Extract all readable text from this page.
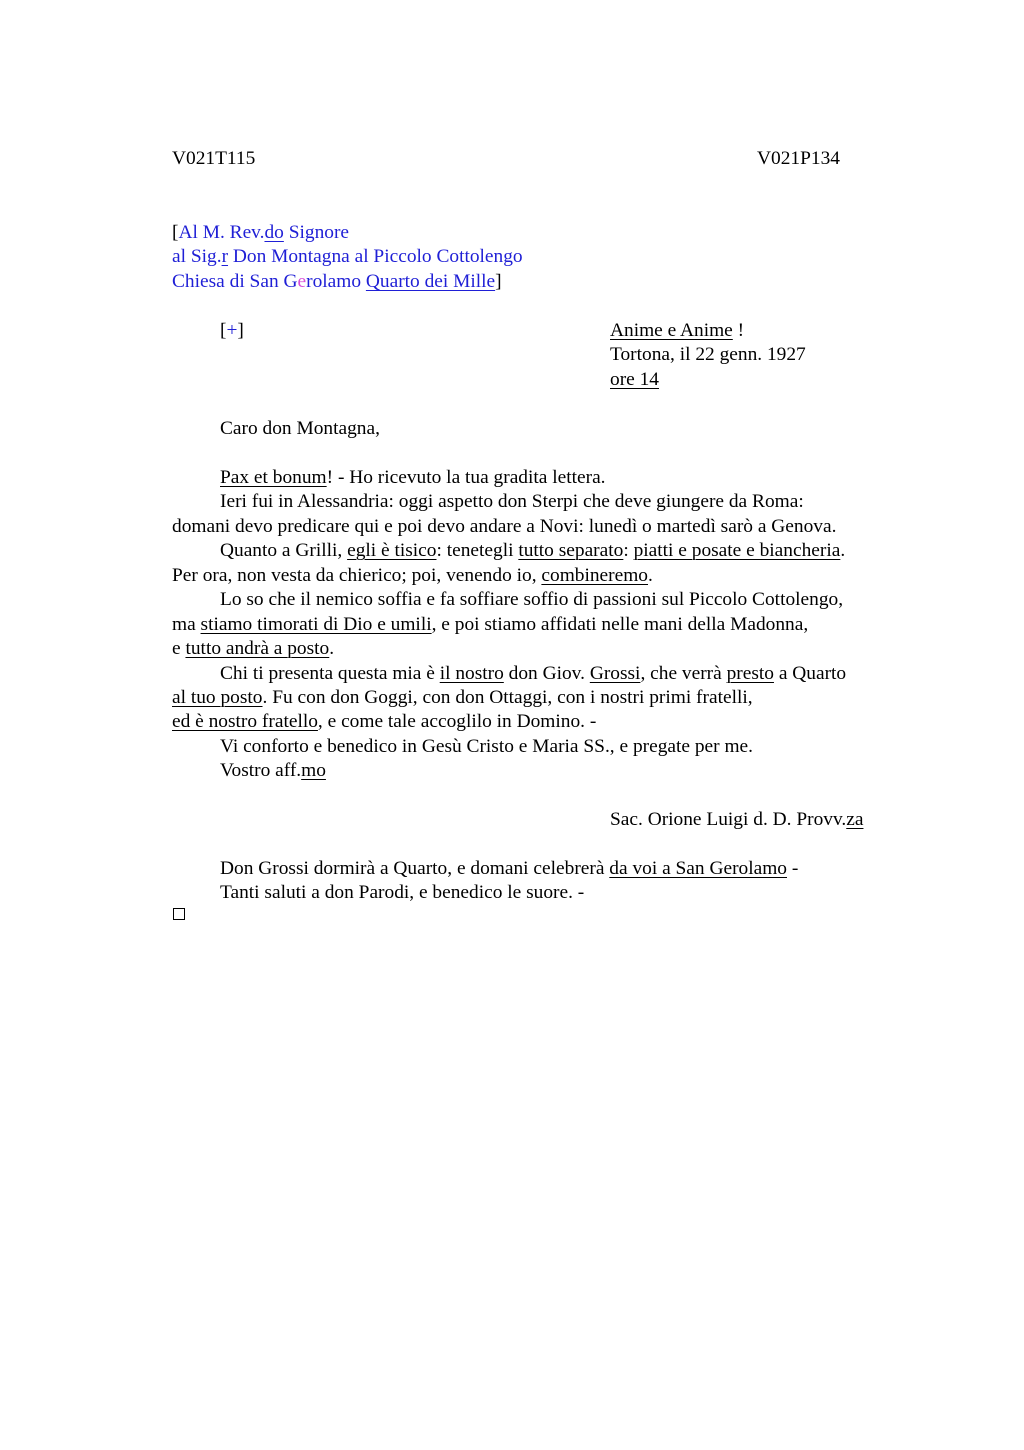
V021T115	V021P134
[Al M. Rev.do Signore
al Sig.r Don Montagna al Piccolo Cottolengo
Chiesa di San Gerolamo Quarto dei Mille]
[+]	Anime e Anime !
Tortona, il 22 genn. 1927
ore 14
Caro don Montagna,
Pax et bonum! - Ho ricevuto la tua gradita lettera.
Ieri fui in Alessandria: oggi aspetto don Sterpi che deve giungere da Roma:
domani devo predicare qui e poi devo andare a Novi: lunedì o martedì sarò a Genova.
Quanto a Grilli, egli è tisico: tenetegli tutto separato: piatti e posate e biancheria.
Per ora, non vesta da chierico; poi, venendo io, combineremo.
Lo so che il nemico soffia e fa soffiare soffio di passioni sul Piccolo Cottolengo,
ma stiamo timorati di Dio e umili, e poi stiamo affidati nelle mani della Madonna,
e tutto andrà a posto.
Chi ti presenta questa mia è il nostro don Giov. Grossi, che verrà presto a Quarto
al tuo posto. Fu con don Goggi, con don Ottaggi, con i nostri primi fratelli,
ed è nostro fratello, e come tale accoglilo in Domino. -
Vi conforto e benedico in Gesù Cristo e Maria SS., e pregate per me.
Vostro aff.mo
Sac. Orione Luigi d. D. Provv.za
Don Grossi dormirà a Quarto, e domani celebrerà da voi a San Gerolamo -
Tanti saluti a don Parodi, e benedico le suore. -
